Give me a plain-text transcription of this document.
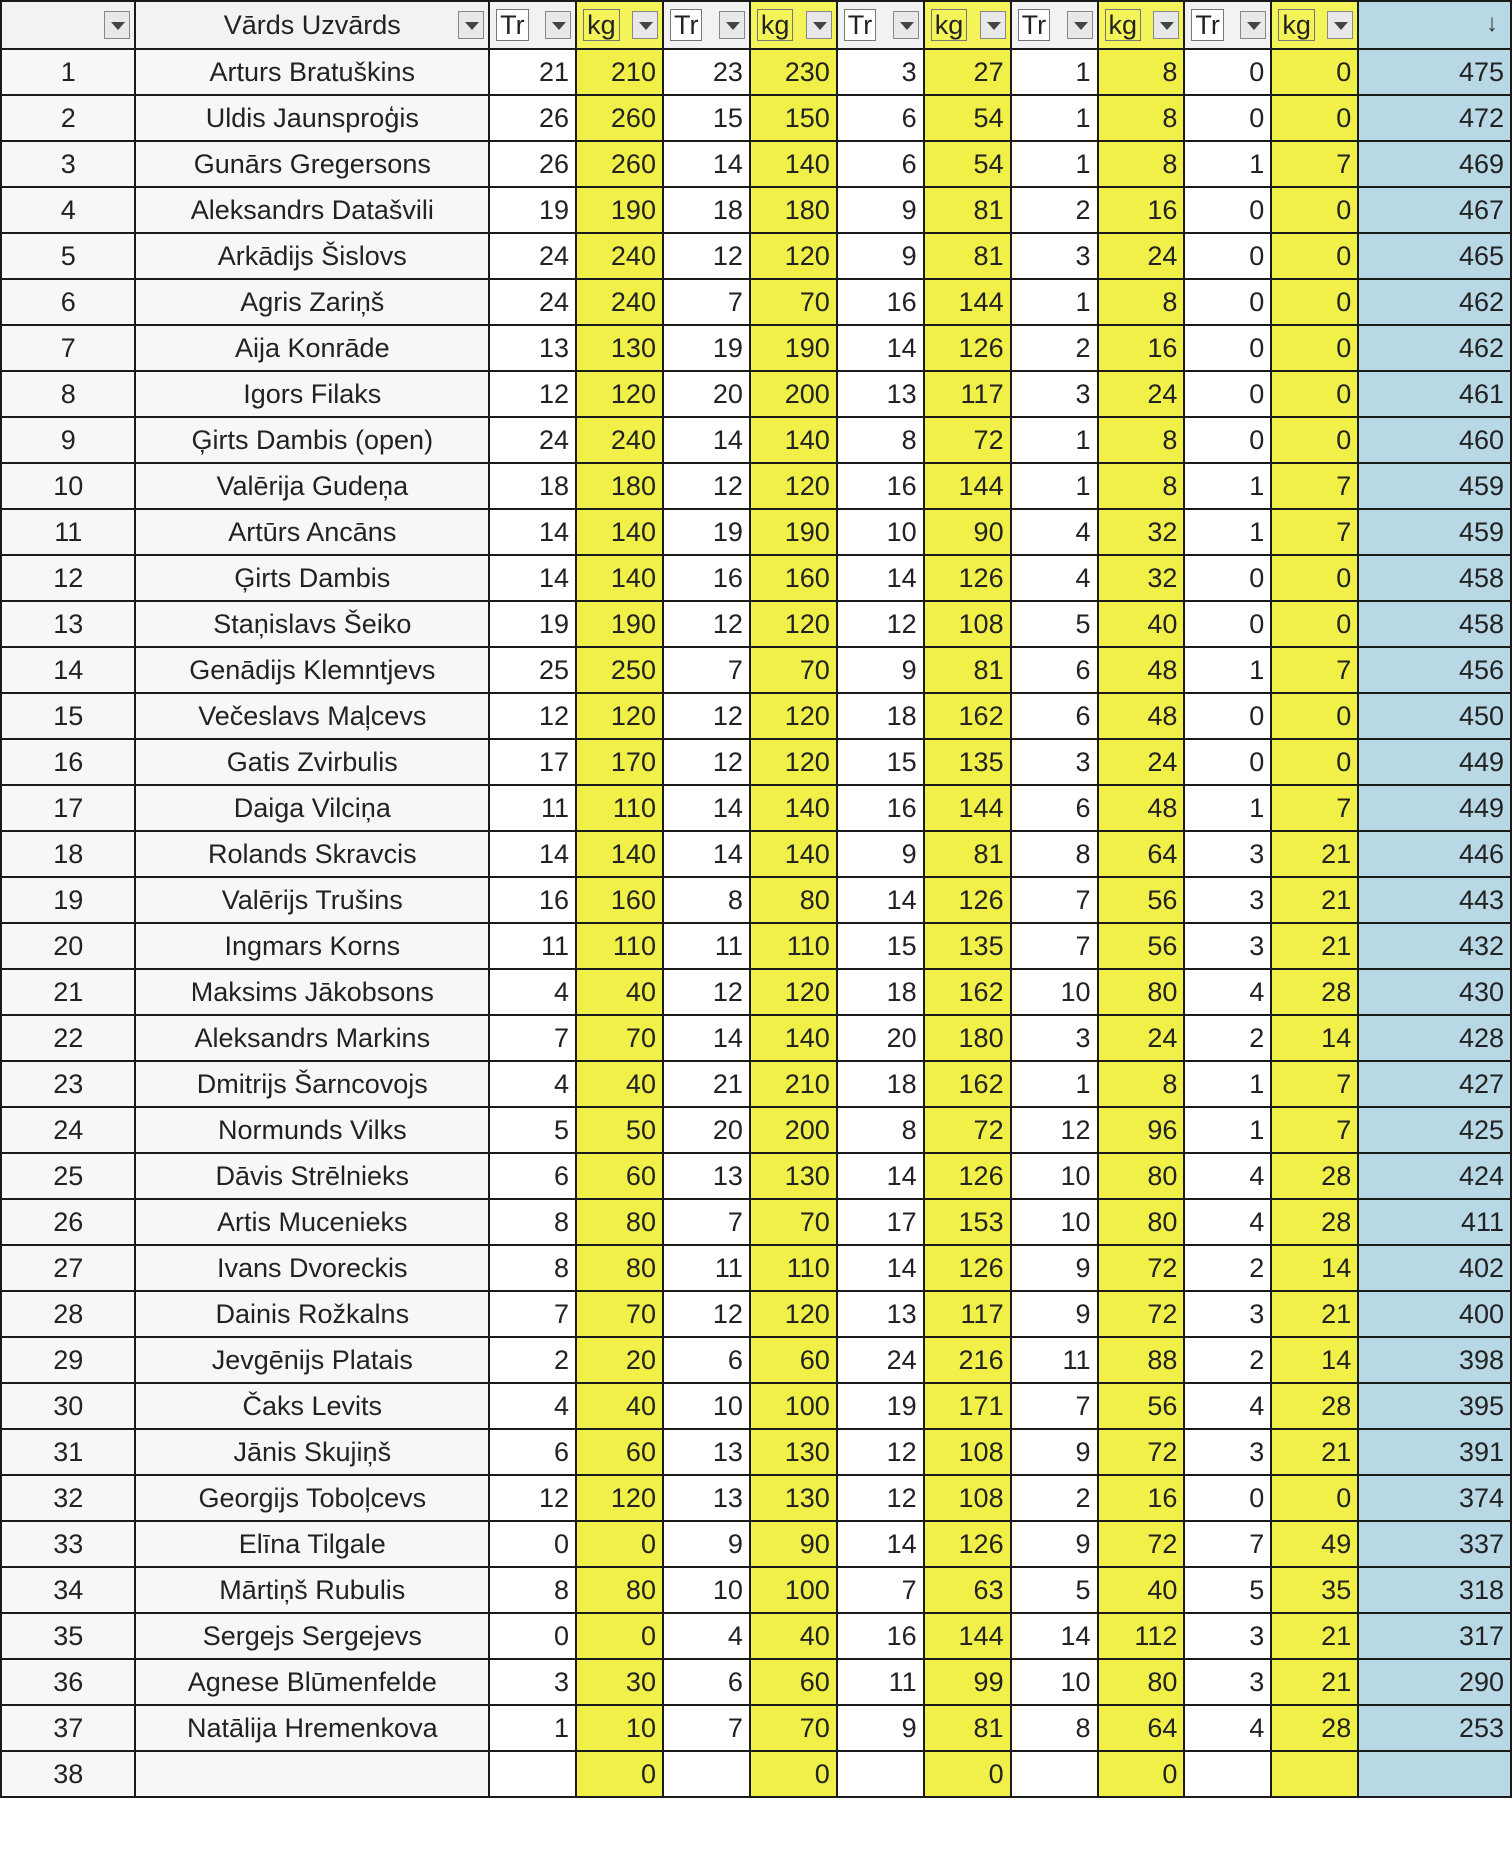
	Vārds Uzvārds	Tr	kg	Tr	kg	Tr	kg	Tr	kg	Tr	kg	↓

1	Arturs Bratuškins	21	210	23	230	3	27	1	8	0	0	475
2	Uldis Jaunsproģis	26	260	15	150	6	54	1	8	0	0	472
3	Gunārs Gregersons	26	260	14	140	6	54	1	8	1	7	469
4	Aleksandrs Datašvili	19	190	18	180	9	81	2	16	0	0	467
5	Arkādijs Šislovs	24	240	12	120	9	81	3	24	0	0	465
6	Agris Zariņš	24	240	7	70	16	144	1	8	0	0	462
7	Aija Konrāde	13	130	19	190	14	126	2	16	0	0	462
8	Igors Filaks	12	120	20	200	13	117	3	24	0	0	461
9	Ģirts Dambis (open)	24	240	14	140	8	72	1	8	0	0	460
10	Valērija Gudeņa	18	180	12	120	16	144	1	8	1	7	459
11	Artūrs Ancāns	14	140	19	190	10	90	4	32	1	7	459
12	Ģirts Dambis	14	140	16	160	14	126	4	32	0	0	458
13	Staņislavs Šeiko	19	190	12	120	12	108	5	40	0	0	458
14	Genādijs Klemntjevs	25	250	7	70	9	81	6	48	1	7	456
15	Večeslavs Maļcevs	12	120	12	120	18	162	6	48	0	0	450
16	Gatis Zvirbulis	17	170	12	120	15	135	3	24	0	0	449
17	Daiga Vilciņa	11	110	14	140	16	144	6	48	1	7	449
18	Rolands Skravcis	14	140	14	140	9	81	8	64	3	21	446
19	Valērijs Trušins	16	160	8	80	14	126	7	56	3	21	443
20	Ingmars Korns	11	110	11	110	15	135	7	56	3	21	432
21	Maksims Jākobsons	4	40	12	120	18	162	10	80	4	28	430
22	Aleksandrs Markins	7	70	14	140	20	180	3	24	2	14	428
23	Dmitrijs Šarncovojs	4	40	21	210	18	162	1	8	1	7	427
24	Normunds Vilks	5	50	20	200	8	72	12	96	1	7	425
25	Dāvis Strēlnieks	6	60	13	130	14	126	10	80	4	28	424
26	Artis Mucenieks	8	80	7	70	17	153	10	80	4	28	411
27	Ivans Dvoreckis	8	80	11	110	14	126	9	72	2	14	402
28	Dainis Rožkalns	7	70	12	120	13	117	9	72	3	21	400
29	Jevgēnijs Platais	2	20	6	60	24	216	11	88	2	14	398
30	Čaks Levits	4	40	10	100	19	171	7	56	4	28	395
31	Jānis Skujiņš	6	60	13	130	12	108	9	72	3	21	391
32	Georgijs Toboļcevs	12	120	13	130	12	108	2	16	0	0	374
33	Elīna Tilgale	0	0	9	90	14	126	9	72	7	49	337
34	Mārtiņš Rubulis	8	80	10	100	7	63	5	40	5	35	318
35	Sergejs Sergejevs	0	0	4	40	16	144	14	112	3	21	317
36	Agnese Blūmenfelde	3	30	6	60	11	99	10	80	3	21	290
37	Natālija Hremenkova	1	10	7	70	9	81	8	64	4	28	253
38			0		0		0		0			
